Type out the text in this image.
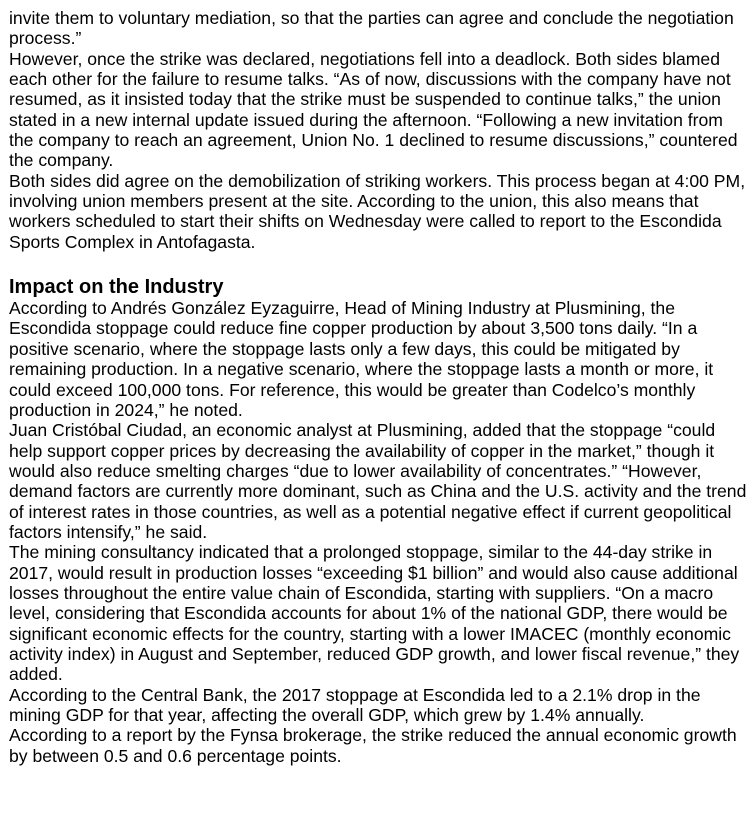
invite them to voluntary mediation, so that the parties can agree and conclude the negotiation process.”

However, once the strike was declared, negotiations fell into a deadlock. Both sides blamed each other for the failure to resume talks. “As of now, discussions with the company have not resumed, as it insisted today that the strike must be suspended to continue talks,” the union stated in a new internal update issued during the afternoon. “Following a new invitation from the company to reach an agreement, Union No. 1 declined to resume discussions,” countered the company.

Both sides did agree on the demobilization of striking workers. This process began at 4:00 PM, involving union members present at the site. According to the union, this also means that workers scheduled to start their shifts on Wednesday were called to report to the Escondida Sports Complex in Antofagasta.

Impact on the Industry

According to Andrés González Eyzaguirre, Head of Mining Industry at Plusmining, the Escondida stoppage could reduce fine copper production by about 3,500 tons daily. “In a positive scenario, where the stoppage lasts only a few days, this could be mitigated by remaining production. In a negative scenario, where the stoppage lasts a month or more, it could exceed 100,000 tons. For reference, this would be greater than Codelco’s monthly production in 2024,” he noted.

Juan Cristóbal Ciudad, an economic analyst at Plusmining, added that the stoppage “could help support copper prices by decreasing the availability of copper in the market,” though it would also reduce smelting charges “due to lower availability of concentrates.” “However, demand factors are currently more dominant, such as China and the U.S. activity and the trend of interest rates in those countries, as well as a potential negative effect if current geopolitical factors intensify,” he said.

The mining consultancy indicated that a prolonged stoppage, similar to the 44-day strike in 2017, would result in production losses “exceeding $1 billion” and would also cause additional losses throughout the entire value chain of Escondida, starting with suppliers. “On a macro level, considering that Escondida accounts for about 1% of the national GDP, there would be significant economic effects for the country, starting with a lower IMACEC (monthly economic activity index) in August and September, reduced GDP growth, and lower fiscal revenue,” they added.

According to the Central Bank, the 2017 stoppage at Escondida led to a 2.1% drop in the mining GDP for that year, affecting the overall GDP, which grew by 1.4% annually.

According to a report by the Fynsa brokerage, the strike reduced the annual economic growth by between 0.5 and 0.6 percentage points.
